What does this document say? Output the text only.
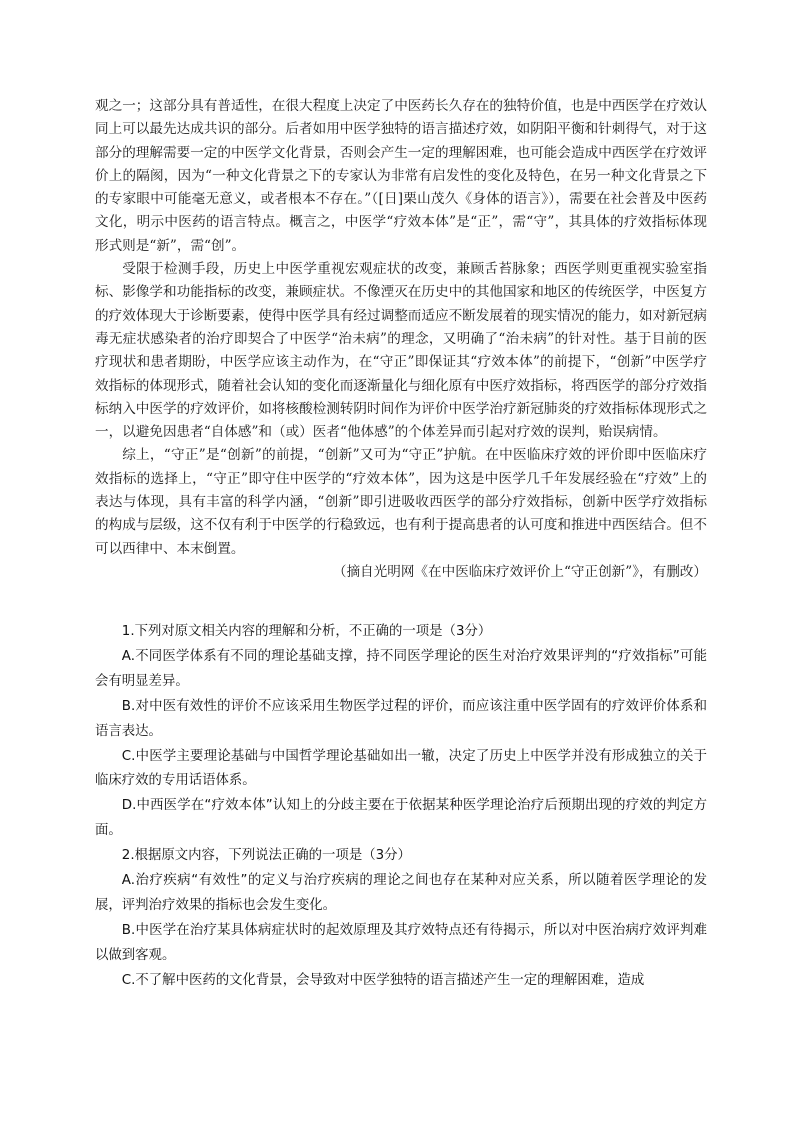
观之一；这部分具有普适性，在很大程度上决定了中医药长久存在的独特价值，也是中西医学在疗效认同上可以最先达成共识的部分。后者如用中医学独特的语言描述疗效，如阴阳平衡和针刺得气，对于这部分的理解需要一定的中医学文化背景，否则会产生一定的理解困难，也可能会造成中西医学在疗效评价上的隔阂，因为“一种文化背景之下的专家认为非常有启发性的变化及特色，在另一种文化背景之下的专家眼中可能毫无意义，或者根本不存在。”（[日]栗山茂久《身体的语言》），需要在社会普及中医药文化，明示中医药的语言特点。概言之，中医学“疗效本体”是“正”，需“守”，其具体的疗效指标体现形式则是“新”，需“创”。

受限于检测手段，历史上中医学重视宏观症状的改变，兼顾舌苔脉象；西医学则更重视实验室指标、影像学和功能指标的改变，兼顾症状。不像湮灭在历史中的其他国家和地区的传统医学，中医复方的疗效体现大于诊断要素，使得中医学具有经过调整而适应不断发展着的现实情况的能力，如对新冠病毒无症状感染者的治疗即契合了中医学“治未病”的理念，又明确了“治未病”的针对性。基于目前的医疗现状和患者期盼，中医学应该主动作为，在“守正”即保证其“疗效本体”的前提下，“创新”中医学疗效指标的体现形式，随着社会认知的变化而逐渐量化与细化原有中医疗效指标，将西医学的部分疗效指标纳入中医学的疗效评价，如将核酸检测转阴时间作为评价中医学治疗新冠肺炎的疗效指标体现形式之一，以避免因患者“自体感”和（或）医者“他体感”的个体差异而引起对疗效的误判，贻误病情。

综上，“守正”是“创新”的前提，“创新”又可为“守正”护航。在中医临床疗效的评价即中医临床疗效指标的选择上，“守正”即守住中医学的“疗效本体”，因为这是中医学几千年发展经验在“疗效”上的表达与体现，具有丰富的科学内涵，“创新”即引进吸收西医学的部分疗效指标，创新中医学疗效指标的构成与层级，这不仅有利于中医学的行稳致远，也有利于提高患者的认可度和推进中西医结合。但不可以西律中、本末倒置。

（摘自光明网《在中医临床疗效评价上“守正创新”》，有删改）

1.下列对原文相关内容的理解和分析，不正确的一项是（3分）

A.不同医学体系有不同的理论基础支撑，持不同医学理论的医生对治疗效果评判的“疗效指标”可能会有明显差异。

B.对中医有效性的评价不应该采用生物医学过程的评价，而应该注重中医学固有的疗效评价体系和语言表达。

C.中医学主要理论基础与中国哲学理论基础如出一辙，决定了历史上中医学并没有形成独立的关于临床疗效的专用话语体系。

D.中西医学在“疗效本体”认知上的分歧主要在于依据某种医学理论治疗后预期出现的疗效的判定方面。

2.根据原文内容，下列说法正确的一项是（3分）

A.治疗疾病“有效性”的定义与治疗疾病的理论之间也存在某种对应关系，所以随着医学理论的发展，评判治疗效果的指标也会发生变化。

B.中医学在治疗某具体病症状时的起效原理及其疗效特点还有待揭示，所以对中医治病疗效评判难以做到客观。

C.不了解中医药的文化背景，会导致对中医学独特的语言描述产生一定的理解困难，造成
